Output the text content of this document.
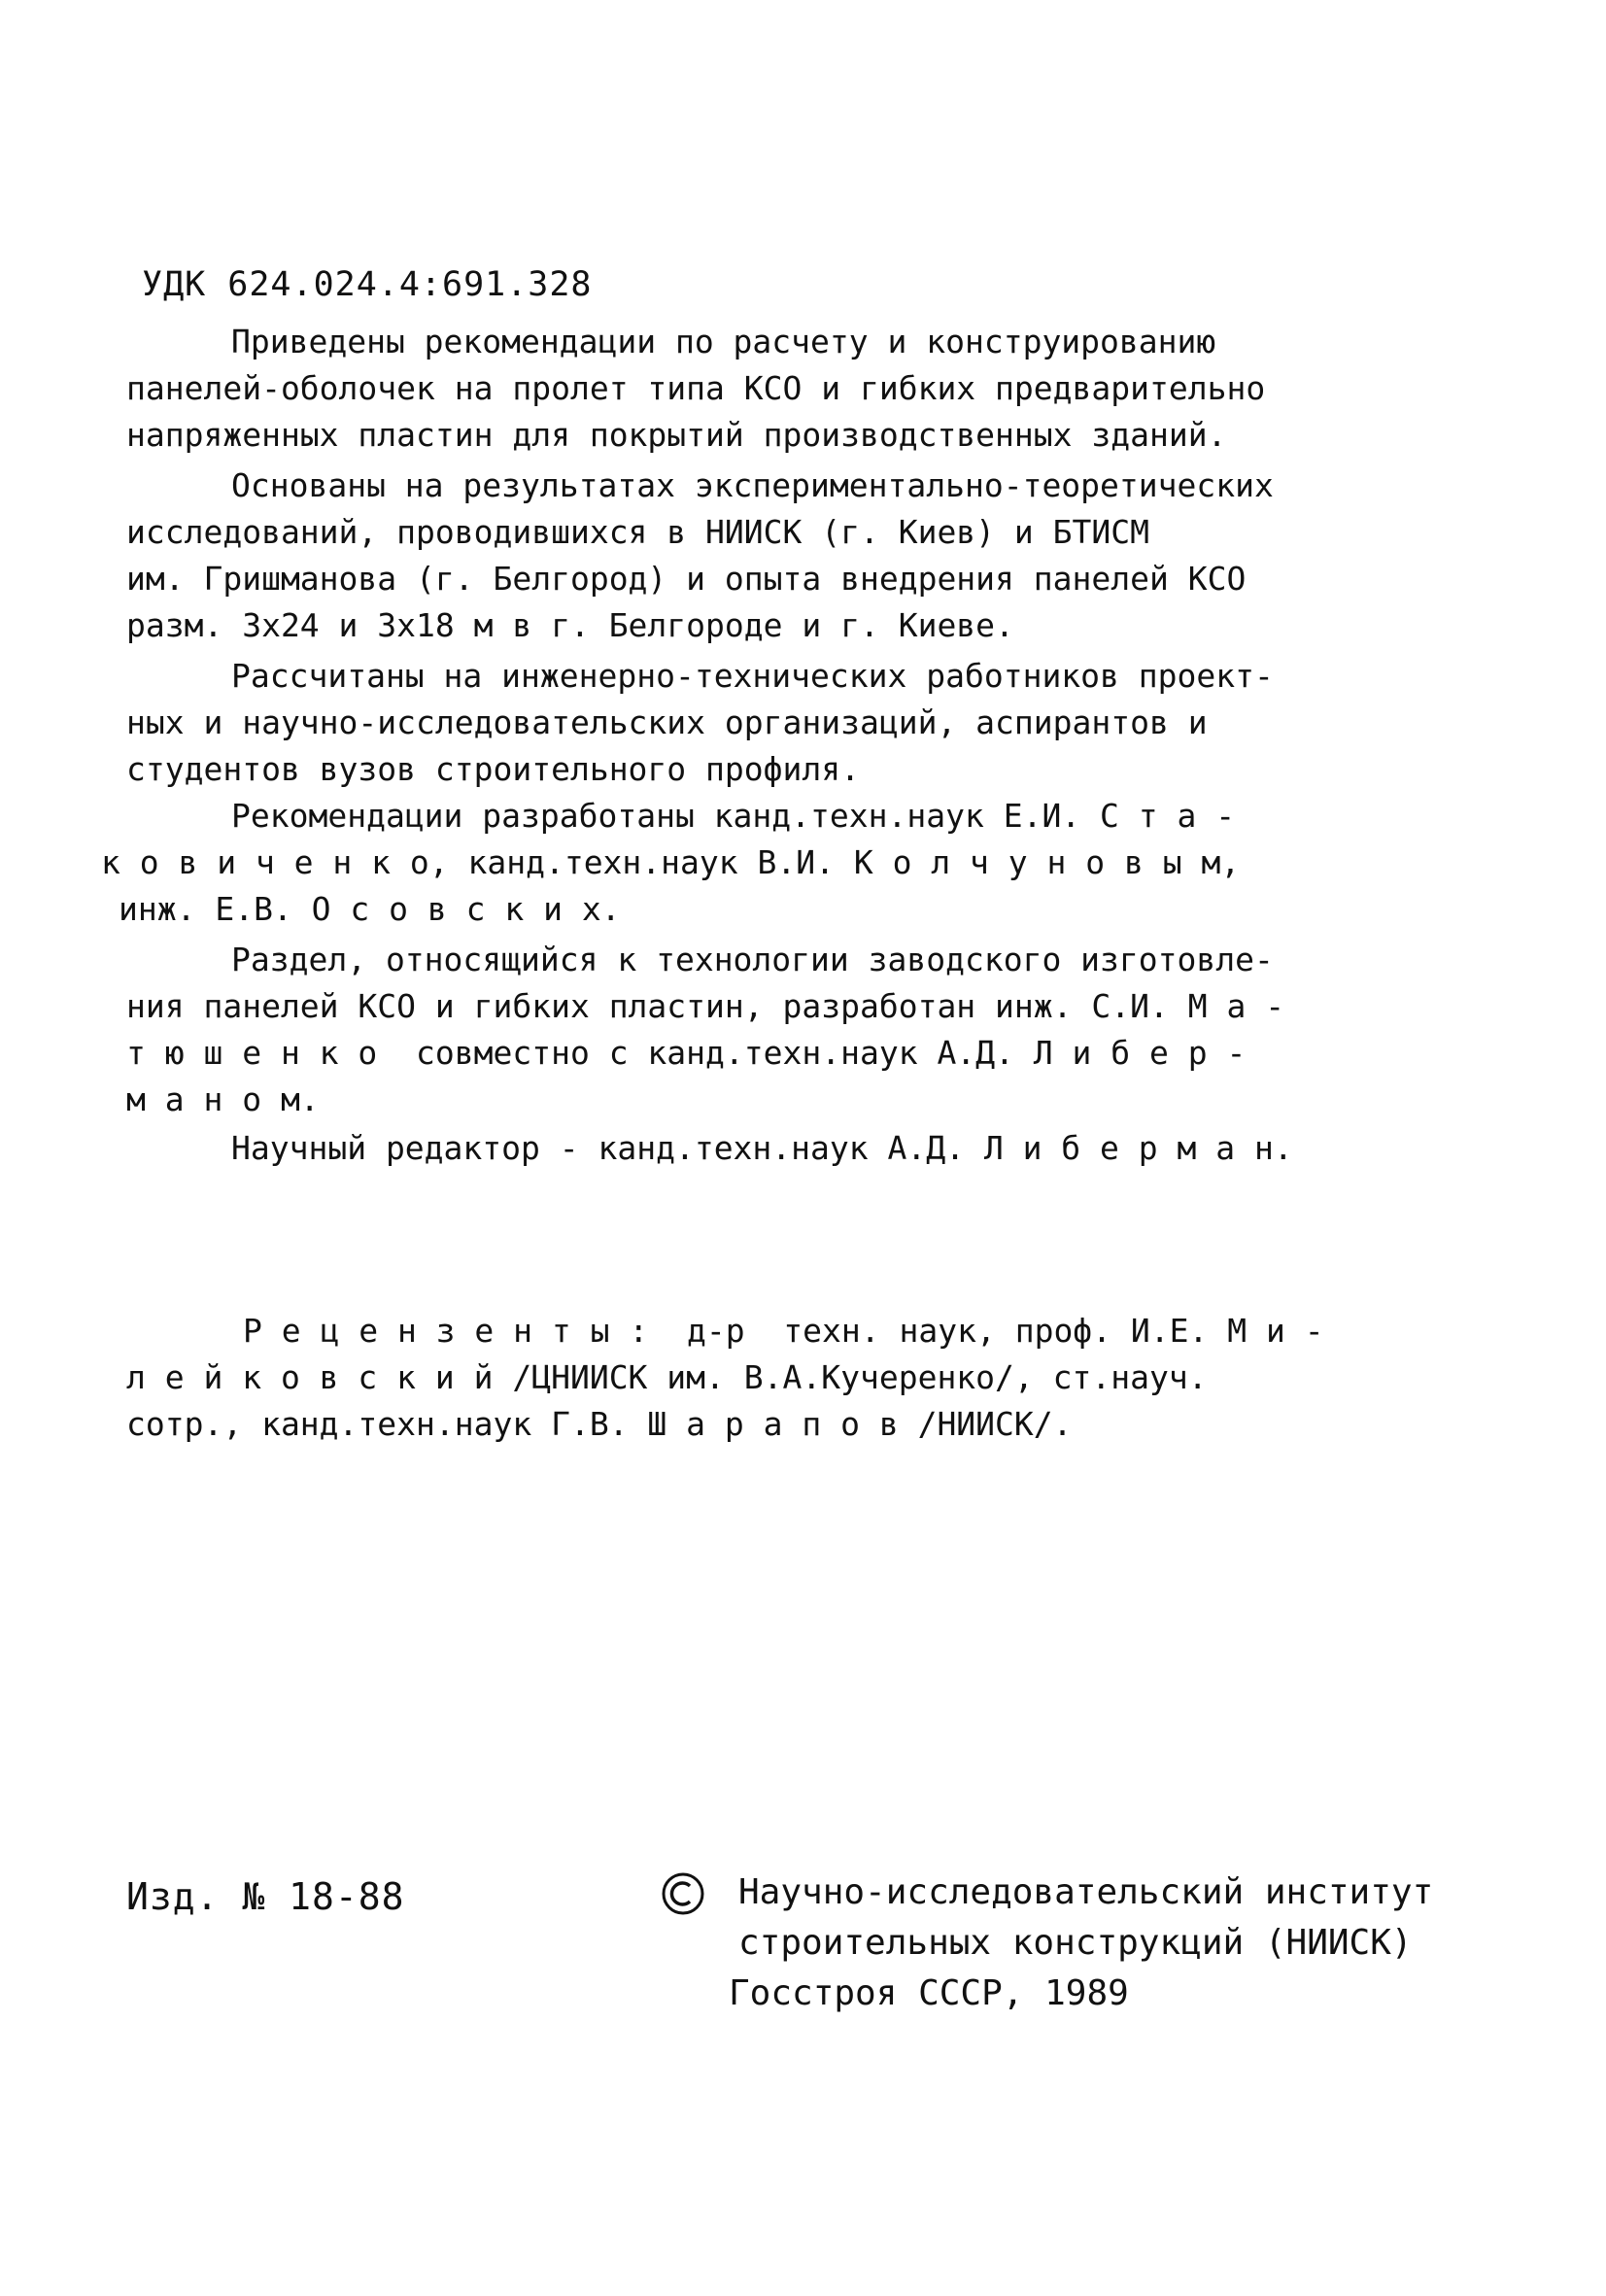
УДК 624.024.4:691.328
Приведены рекомендации по расчету и конструированию
панелей-оболочек на пролет типа КСО и гибких предварительно
напряженных пластин для покрытий производственных зданий.
Основаны на результатах экспериментально-теоретических
исследований, проводившихся в НИИСК (г. Киев) и БТИСМ
им. Гришманова (г. Белгород) и опыта внедрения панелей КСО
разм. 3х24 и 3х18 м в г. Белгороде и г. Киеве.
Рассчитаны на инженерно-технических работников проект-
ных и научно-исследовательских организаций, аспирантов и
студентов вузов строительного профиля.
Рекомендации разработаны канд.техн.наук Е.И. С т а -
к о в и ч е н к о, канд.техн.наук В.И. К о л ч у н о в ы м,
инж. Е.В. О с о в с к и х.
Раздел, относящийся к технологии заводского изготовле-
ния панелей КСО и гибких пластин, разработан инж. С.И. М а -
т ю ш е н к о  совместно с канд.техн.наук А.Д. Л и б е р -
м а н о м.
Научный редактор - канд.техн.наук А.Д. Л и б е р м а н.
Р е ц е н з е н т ы :  д-р  техн. наук, проф. И.Е. М и -
л е й к о в с к и й /ЦНИИСК им. В.А.Кучеренко/, ст.науч.
сотр., канд.техн.наук Г.В. Ш а р а п о в /НИИСК/.
Изд. № 18-88	Научно-исследовательский институт
строительных конструкций (НИИСК)
Госстроя СССР, 1989
